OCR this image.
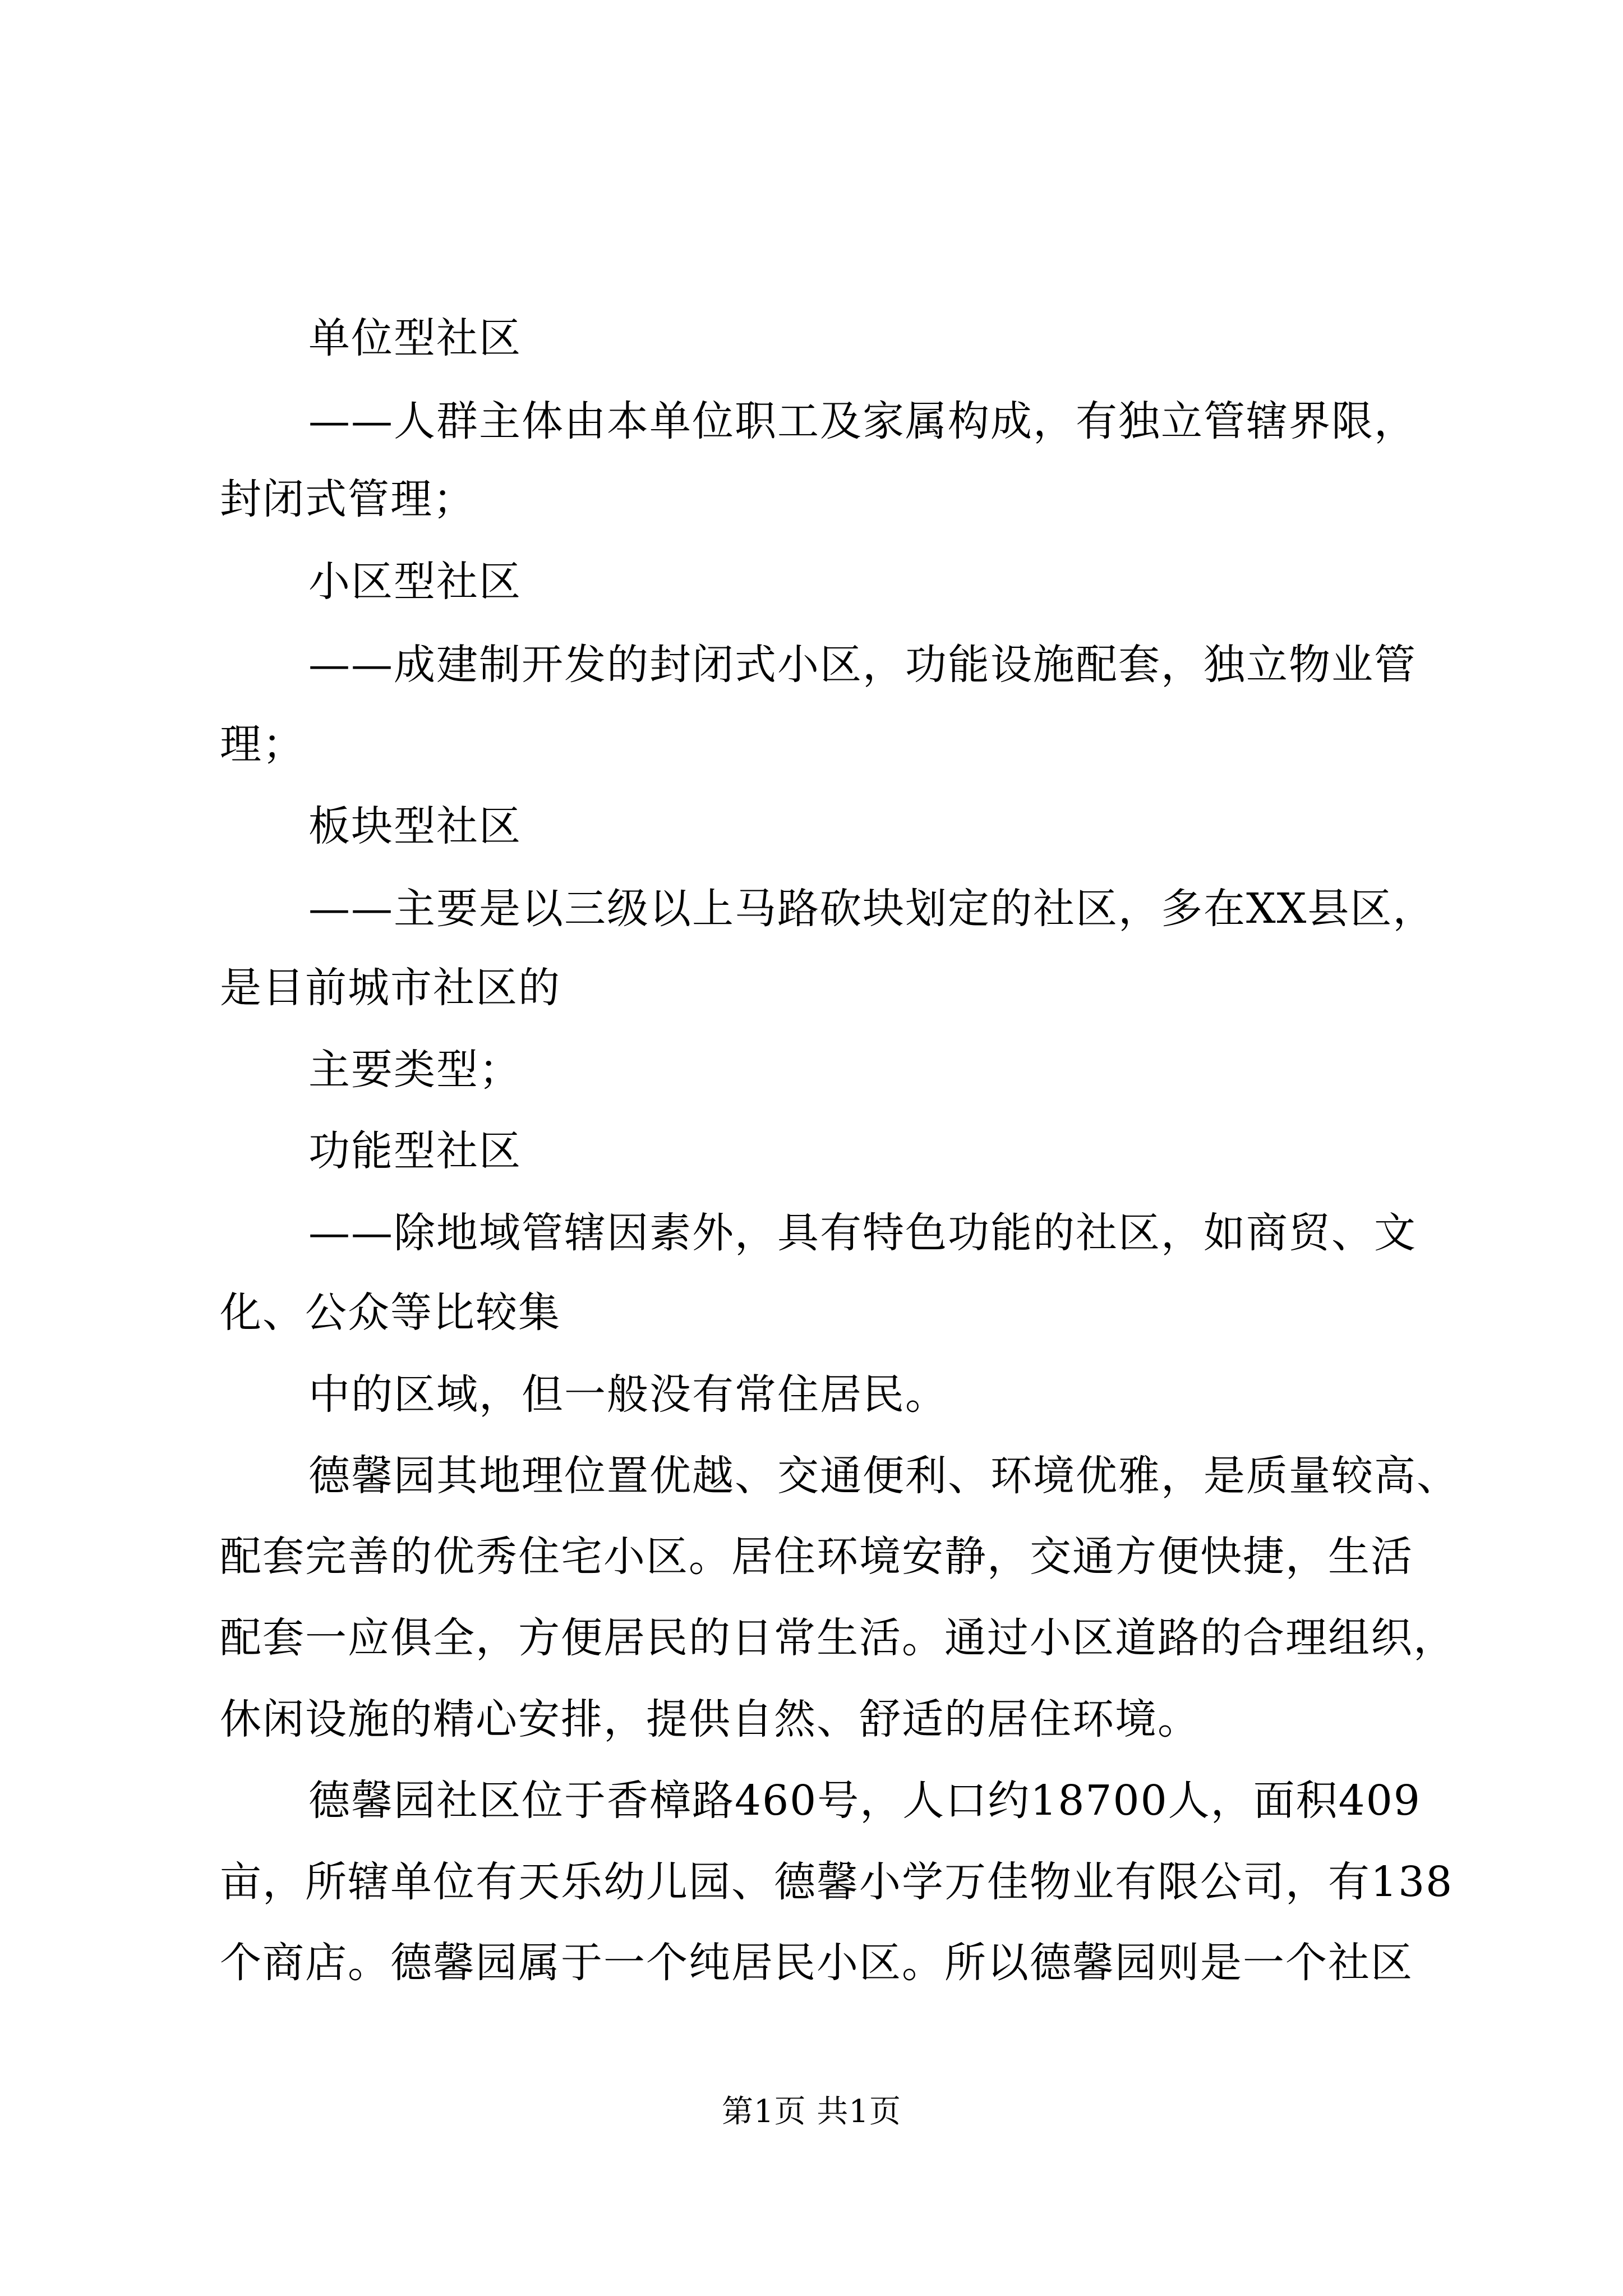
单位型社区
——人群主体由本单位职工及家属构成，有独立管辖界限，
封闭式管理；
小区型社区
——成建制开发的封闭式小区，功能设施配套，独立物业管
理；
板块型社区
——主要是以三级以上马路砍块划定的社区，多在XX县区，
是目前城市社区的
主要类型；
功能型社区
——除地域管辖因素外，具有特色功能的社区，如商贸、文
化、公众等比较集
中的区域，但一般没有常住居民。
德馨园其地理位置优越、交通便利、环境优雅，是质量较高、
配套完善的优秀住宅小区。居住环境安静，交通方便快捷，生活
配套一应俱全，方便居民的日常生活。通过小区道路的合理组织，
休闲设施的精心安排，提供自然、舒适的居住环境。
德馨园社区位于香樟路460号，人口约18700人，面积409
亩，所辖单位有天乐幼儿园、德馨小学万佳物业有限公司，有138
个商店。德馨园属于一个纯居民小区。所以德馨园则是一个社区
第1页 共1页
